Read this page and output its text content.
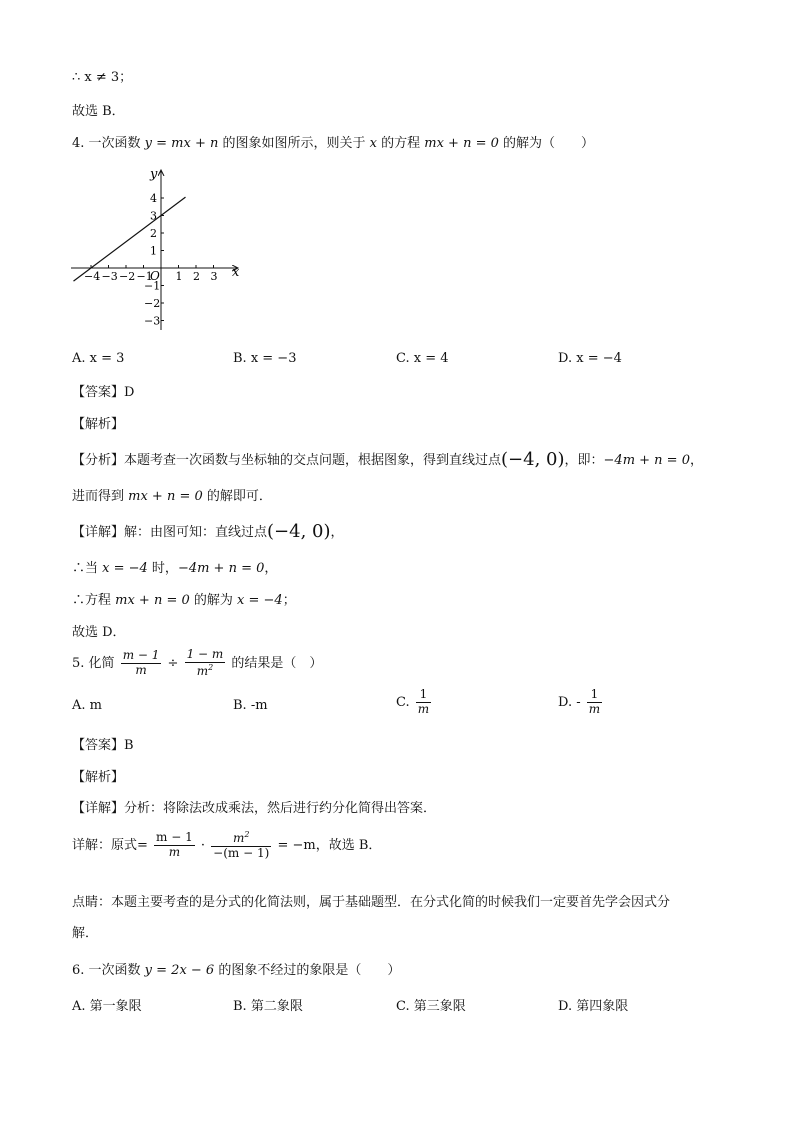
∴ x ≠ 3；
故选 B．
4. 一次函数 y = mx + n 的图象如图所示，则关于 x 的方程 mx + n = 0 的解为（　　）
x
y
O
−4 −3 −2 −1 1 2 3
4
3
2
1
−1
−2
−3
A. x = 3	B. x = −3	C. x = 4	D. x = −4
【答案】D
【解析】
【分析】本题考查一次函数与坐标轴的交点问题，根据图象，得到直线过点(−4, 0)，即：−4m + n = 0，
进而得到 mx + n = 0 的解即可．
【详解】解：由图可知：直线过点(−4, 0)，
∴当 x = −4 时，−4m + n = 0，
∴方程 mx + n = 0 的解为 x = −4；
故选 D．
5. 化简 $\frac{m - 1}{m} \div \frac{1 - m}{m^2}$ 的结果是（　）
A. m	B. -m	C. $\frac{1}{m}$	D. - $\frac{1}{m}$
【答案】B
【解析】
【详解】分析：将除法改成乘法，然后进行约分化简得出答案．
详解：原式= $\frac{m - 1}{m} \cdot \frac{m^2}{-(m - 1)} = -m$，故选 B．
点睛：本题主要考查的是分式的化简法则，属于基础题型．在分式化简的时候我们一定要首先学会因式分
解．
6. 一次函数 y = 2x − 6 的图象不经过的象限是（　　）
A. 第一象限	B. 第二象限	C. 第三象限	D. 第四象限
